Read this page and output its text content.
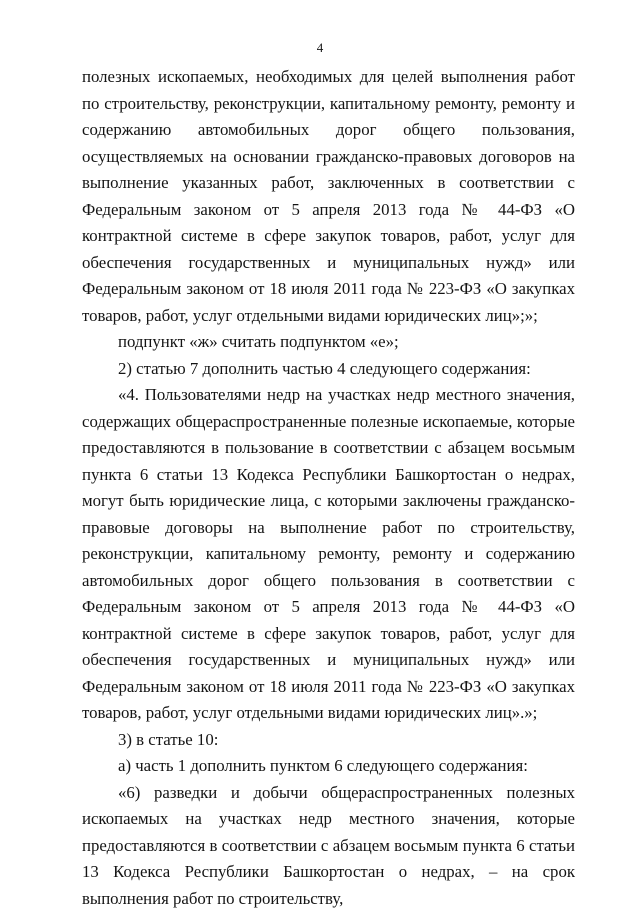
4

полезных ископаемых, необходимых для целей выполнения работ по строительству, реконструкции, капитальному ремонту, ремонту и содержанию автомобильных дорог общего пользования, осуществляемых на основании гражданско-правовых договоров на выполнение указанных работ, заключенных в соответствии с Федеральным законом от 5 апреля 2013 года № 44-ФЗ «О контрактной системе в сфере закупок товаров, работ, услуг для обеспечения государственных и муниципальных нужд» или Федеральным законом от 18 июля 2011 года № 223-ФЗ «О закупках товаров, работ, услуг отдельными видами юридических лиц»;»;

подпункт «ж» считать подпунктом «е»;

2) статью 7 дополнить частью 4 следующего содержания:

«4. Пользователями недр на участках недр местного значения, содержащих общераспространенные полезные ископаемые, которые предоставляются в пользование в соответствии с абзацем восьмым пункта 6 статьи 13 Кодекса Республики Башкортостан о недрах, могут быть юридические лица, с которыми заключены гражданско-правовые договоры на выполнение работ по строительству, реконструкции, капитальному ремонту, ремонту и содержанию автомобильных дорог общего пользования в соответствии с Федеральным законом от 5 апреля 2013 года № 44-ФЗ «О контрактной системе в сфере закупок товаров, работ, услуг для обеспечения государственных и муниципальных нужд» или Федеральным законом от 18 июля 2011 года № 223-ФЗ «О закупках товаров, работ, услуг отдельными видами юридических лиц».»;

3) в статье 10:

а) часть 1 дополнить пунктом 6 следующего содержания:

«6) разведки и добычи общераспространенных полезных ископаемых на участках недр местного значения, которые предоставляются в соответствии с абзацем восьмым пункта 6 статьи 13 Кодекса Республики Башкортостан о недрах, – на срок выполнения работ по строительству,
